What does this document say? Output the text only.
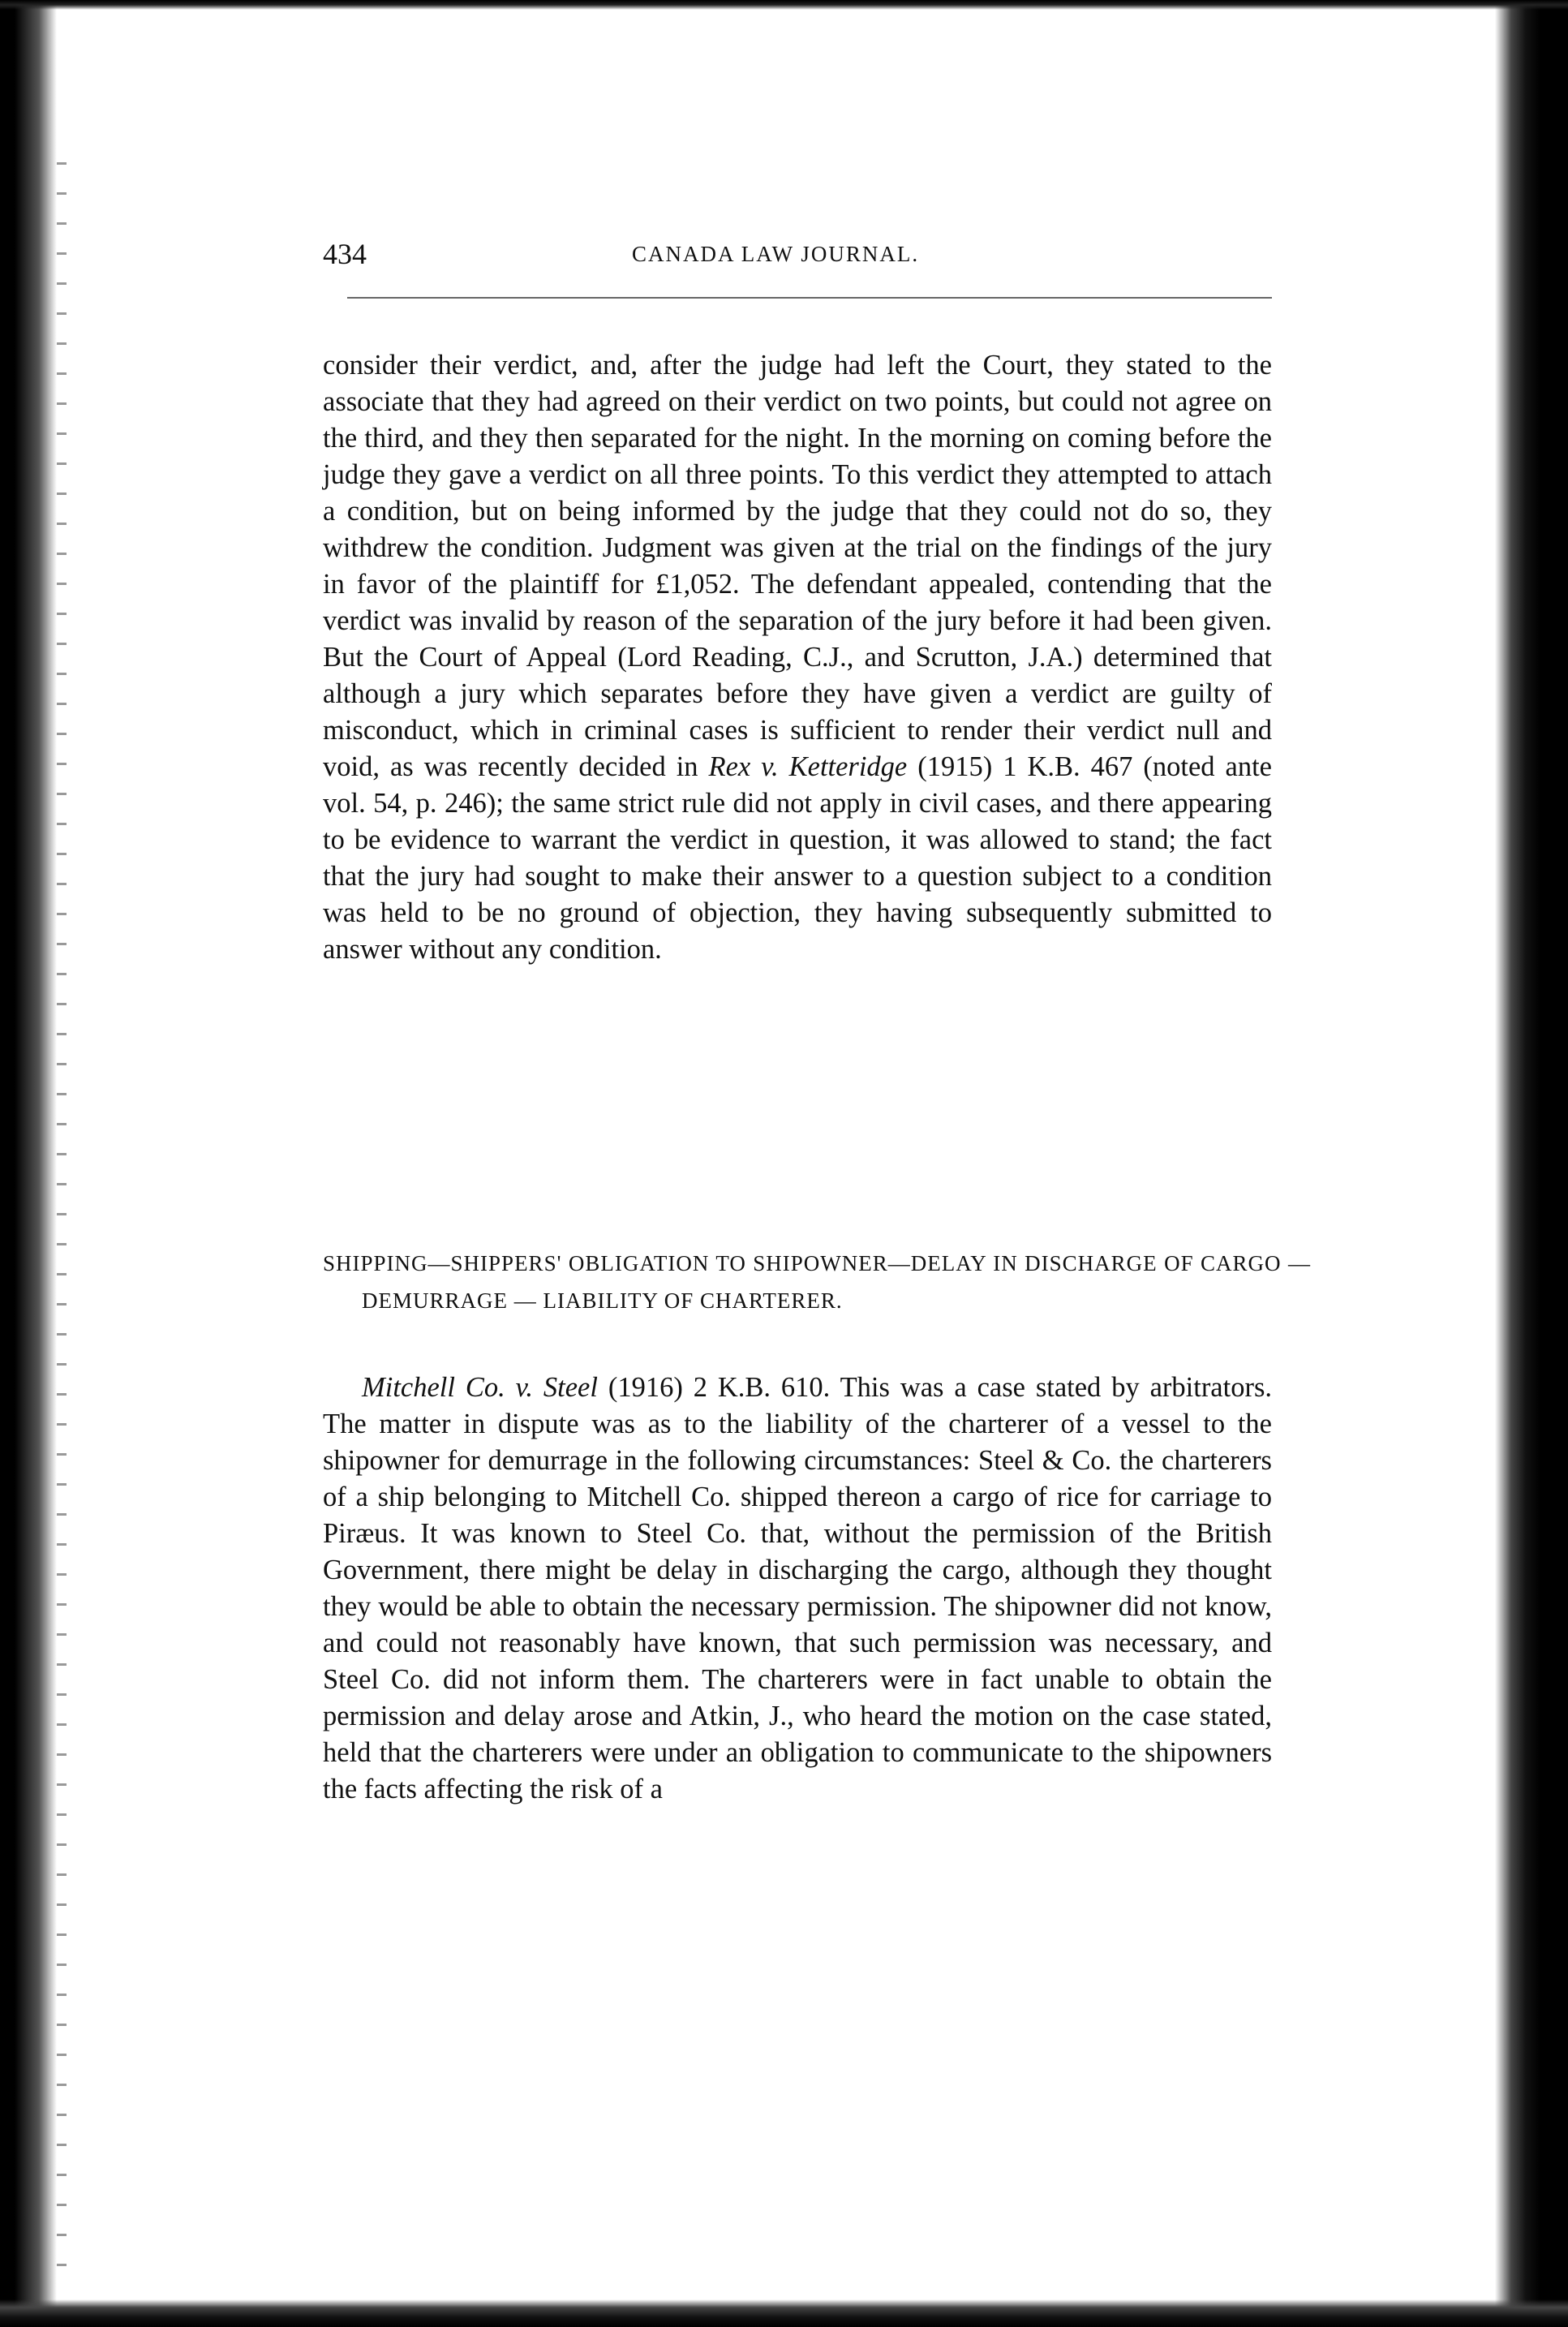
434	CANADA LAW JOURNAL.
consider their verdict, and, after the judge had left the Court, they stated to the associate that they had agreed on their verdict on two points, but could not agree on the third, and they then separated for the night. In the morning on coming before the judge they gave a verdict on all three points. To this verdict they attempted to attach a condition, but on being informed by the judge that they could not do so, they withdrew the condition. Judgment was given at the trial on the findings of the jury in favor of the plaintiff for £1,052. The defendant appealed, contending that the verdict was invalid by reason of the separation of the jury before it had been given. But the Court of Appeal (Lord Reading, C.J., and Scrutton, J.A.) determined that although a jury which separates before they have given a verdict are guilty of misconduct, which in criminal cases is sufficient to render their verdict null and void, as was recently decided in Rex v. Ketteridge (1915) 1 K.B. 467 (noted ante vol. 54, p. 246); the same strict rule did not apply in civil cases, and there appearing to be evidence to warrant the verdict in question, it was allowed to stand; the fact that the jury had sought to make their answer to a question subject to a condition was held to be no ground of objection, they having subsequently submitted to answer without any condition.
SHIPPING—SHIPPERS' OBLIGATION TO SHIPOWNER—DELAY IN DISCHARGE OF CARGO — DEMURRAGE — LIABILITY OF CHARTERER.
Mitchell Co. v. Steel (1916) 2 K.B. 610. This was a case stated by arbitrators. The matter in dispute was as to the liability of the charterer of a vessel to the shipowner for demurrage in the following circumstances: Steel & Co. the charterers of a ship belonging to Mitchell Co. shipped thereon a cargo of rice for carriage to Piræus. It was known to Steel Co. that, without the permission of the British Government, there might be delay in discharging the cargo, although they thought they would be able to obtain the necessary permission. The shipowner did not know, and could not reasonably have known, that such permission was necessary, and Steel Co. did not inform them. The charterers were in fact unable to obtain the permission and delay arose and Atkin, J., who heard the motion on the case stated, held that the charterers were under an obligation to communicate to the shipowners the facts affecting the risk of a
